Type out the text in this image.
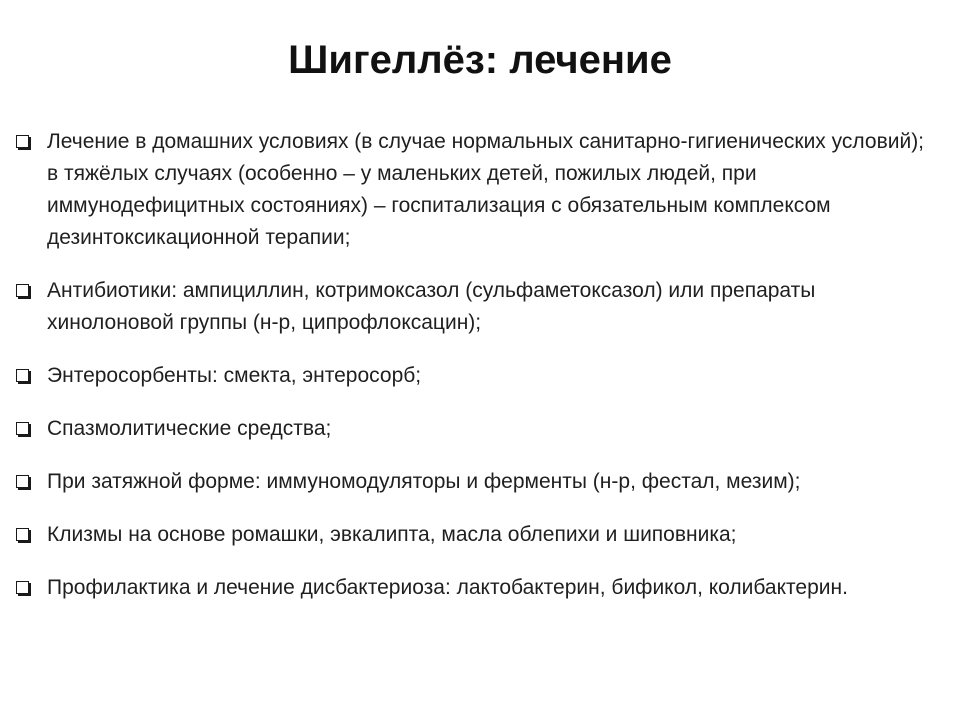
Шигеллёз: лечение
Лечение в домашних условиях (в случае нормальных санитарно-гигиенических условий); в тяжёлых случаях (особенно – у маленьких детей, пожилых людей, при иммунодефицитных состояниях) – госпитализация с обязательным комплексом дезинтоксикационной терапии;
Антибиотики: ампициллин, котримоксазол (сульфаметоксазол) или препараты хинолоновой группы (н-р, ципрофлоксацин);
Энтеросорбенты: смекта, энтеросорб;
Спазмолитические средства;
При затяжной форме: иммуномодуляторы и ферменты (н-р, фестал, мезим);
Клизмы на основе ромашки, эвкалипта, масла облепихи и шиповника;
Профилактика и лечение дисбактериоза: лактобактерин, бификол, колибактерин.
